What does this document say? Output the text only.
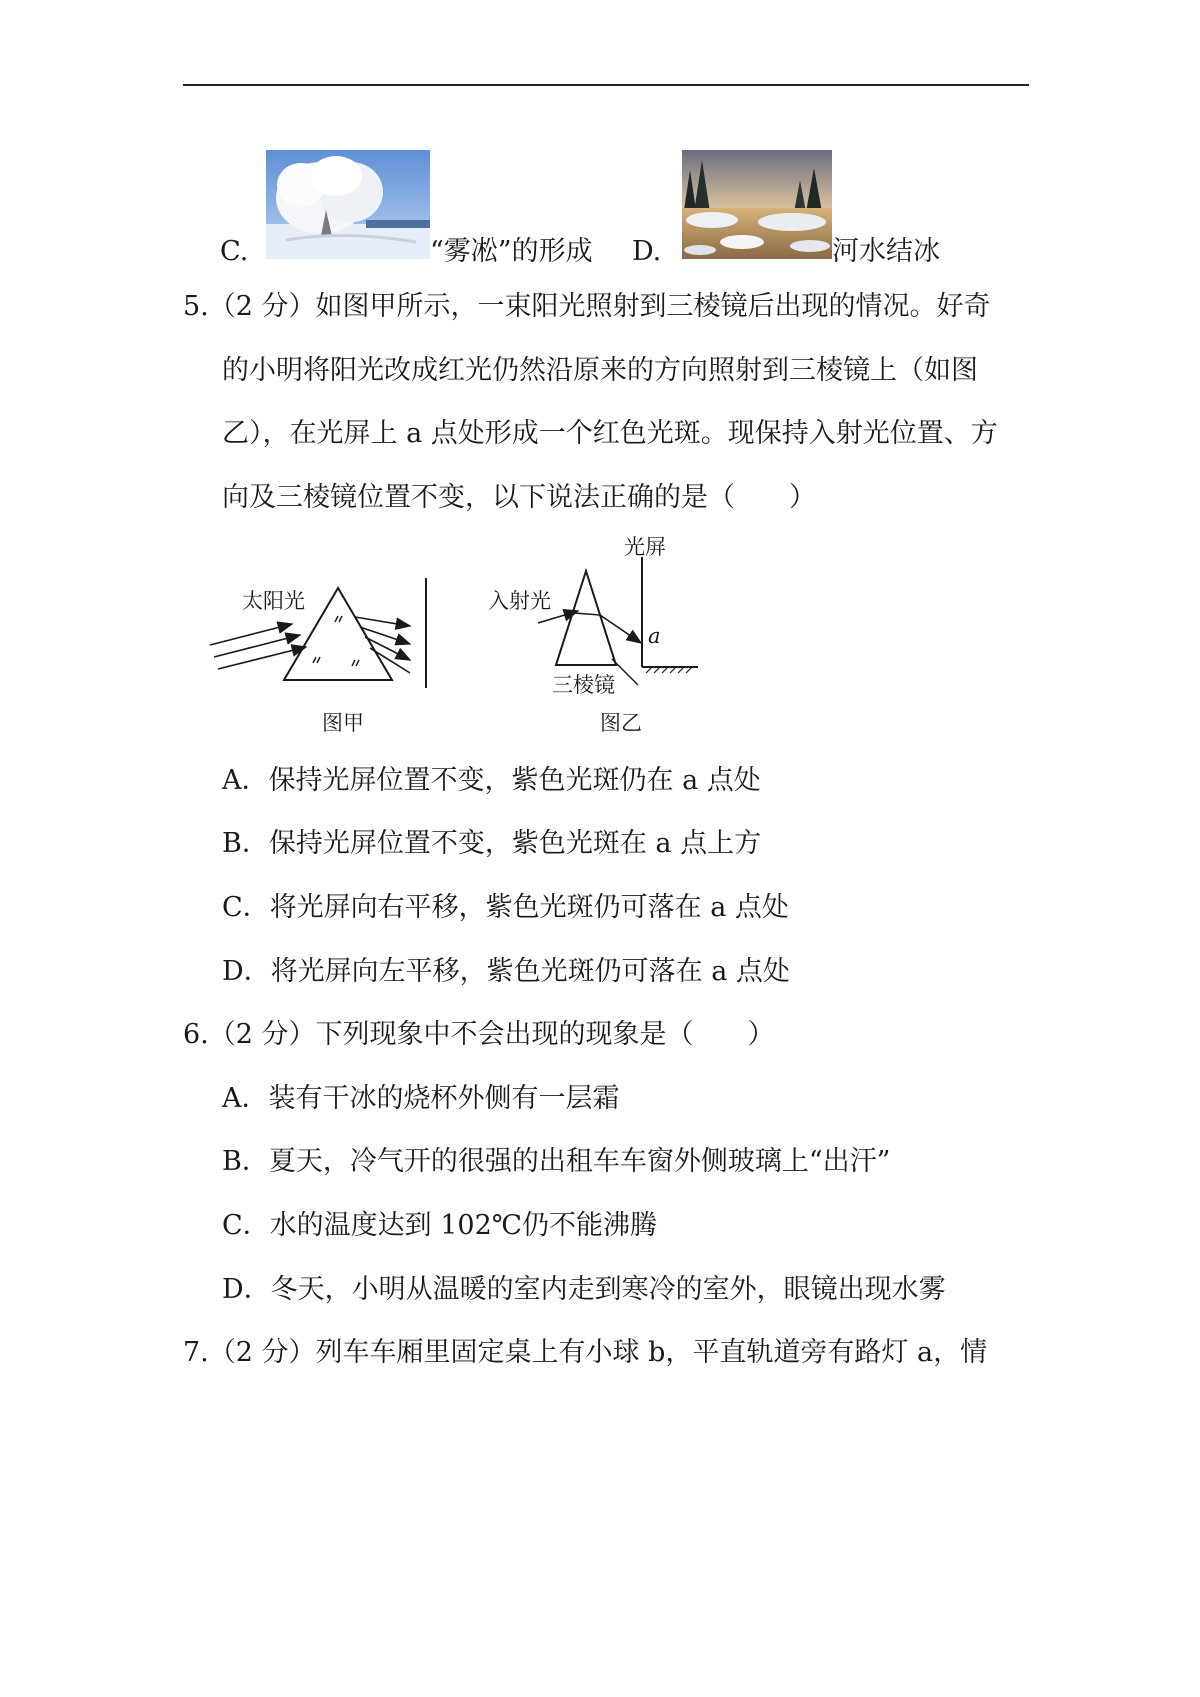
C.	“雾凇”的形成 D.	河水结冰
5.（2 分）如图甲所示，一束阳光照射到三棱镜后出现的情况。好奇
的小明将阳光改成红光仍然沿原来的方向照射到三棱镜上（如图
乙），在光屏上 a 点处形成一个红色光斑。现保持入射光位置、方
向及三棱镜位置不变，以下说法正确的是（　　）
太阳光
图甲
光屏
入射光
a
三棱镜
图乙
A．保持光屏位置不变，紫色光斑仍在 a 点处
B．保持光屏位置不变，紫色光斑在 a 点上方
C．将光屏向右平移，紫色光斑仍可落在 a 点处
D．将光屏向左平移，紫色光斑仍可落在 a 点处
6.（2 分）下列现象中不会出现的现象是（　　）
A．装有干冰的烧杯外侧有一层霜
B．夏天，冷气开的很强的出租车车窗外侧玻璃上“出汗”
C．水的温度达到 102℃仍不能沸腾
D．冬天，小明从温暖的室内走到寒冷的室外，眼镜出现水雾
7.（2 分）列车车厢里固定桌上有小球 b，平直轨道旁有路灯 a，情
